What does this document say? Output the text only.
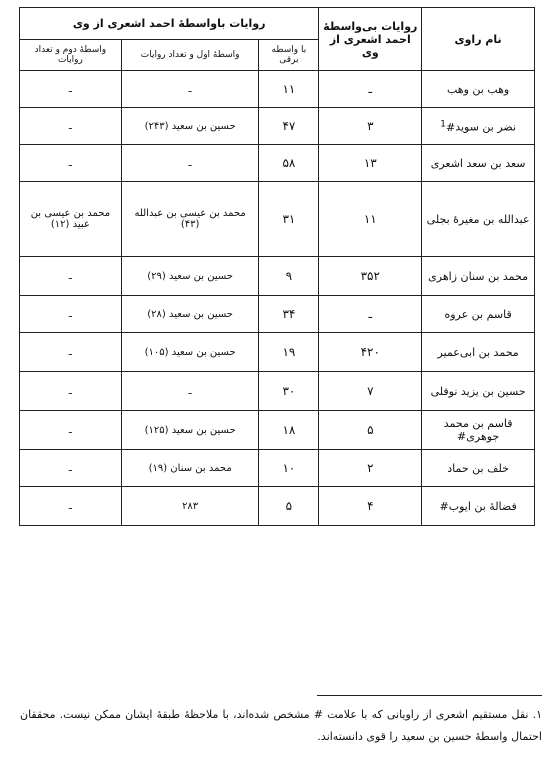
نام راوی	روایات بی‌واسطهٔ احمد اشعری از وی	روایات باواسطهٔ احمد اشعری از وی		
		با واسطه برقی	واسطهٔ اول و تعداد روایات	واسطهٔ دوم و تعداد روایات
وهب بن وهب	ـ	۱۱	ـ	ـ
نضر بن سوید#$^1$	۳	۴۷	حسین بن سعید (۲۴۳)	ـ
سعد بن سعد اشعری	۱۳	۵۸	ـ	ـ
عبدالله بن مغیرهٔ بجلی	۱۱	۳۱	محمد بن عیسی بن عبدالله (۴۳)	محمد بن عیسی بن عبید (۱۲)
محمد بن سنان زاهری	۳۵۲	۹	حسین بن سعید (۲۹)	ـ
قاسم بن عروه	ـ	۳۴	حسین بن سعید (۲۸)	ـ
محمد بن ابی‌عمیر	۴۲۰	۱۹	حسین بن سعید (۱۰۵)	ـ
حسین بن یزید نوفلی	۷	۳۰	ـ	ـ
قاسم بن محمد جوهری#	۵	۱۸	حسین بن سعید (۱۲۵)	ـ
خلف بن حماد	۲	۱۰	محمد بن سنان (۱۹)	ـ
فضالهٔ بن ایوب#	۴	۵	۲۸۳	ـ
۱. نقل مستقیم اشعری از راویانی که با علامت # مشخص شده‌اند، با ملاحظهٔ طبقهٔ ایشان ممکن نیست. محققان احتمال واسطهٔ حسین بن سعید را قوی دانسته‌اند.
